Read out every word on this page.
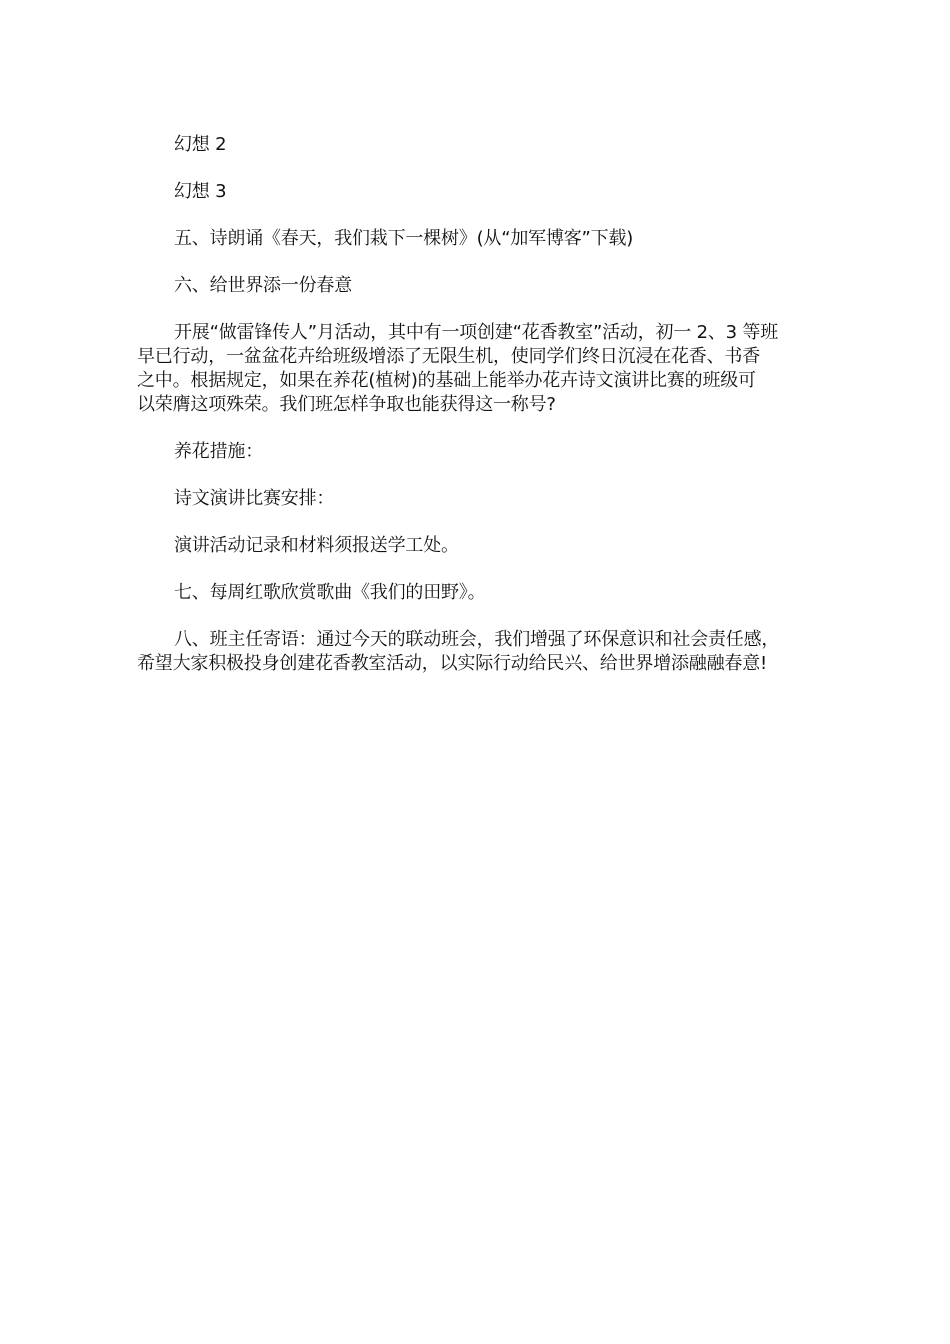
幻想 2
幻想 3
五、诗朗诵《春天，我们栽下一棵树》(从“加军博客”下载)
六、给世界添一份春意
开展“做雷锋传人”月活动，其中有一项创建“花香教室”活动，初一 2、3 等班
早已行动，一盆盆花卉给班级增添了无限生机，使同学们终日沉浸在花香、书香
之中。根据规定，如果在养花(植树)的基础上能举办花卉诗文演讲比赛的班级可
以荣膺这项殊荣。我们班怎样争取也能获得这一称号?
养花措施：
诗文演讲比赛安排：
演讲活动记录和材料须报送学工处。
七、每周红歌欣赏歌曲《我们的田野》。
八、班主任寄语：通过今天的联动班会，我们增强了环保意识和社会责任感，
希望大家积极投身创建花香教室活动，以实际行动给民兴、给世界增添融融春意!
